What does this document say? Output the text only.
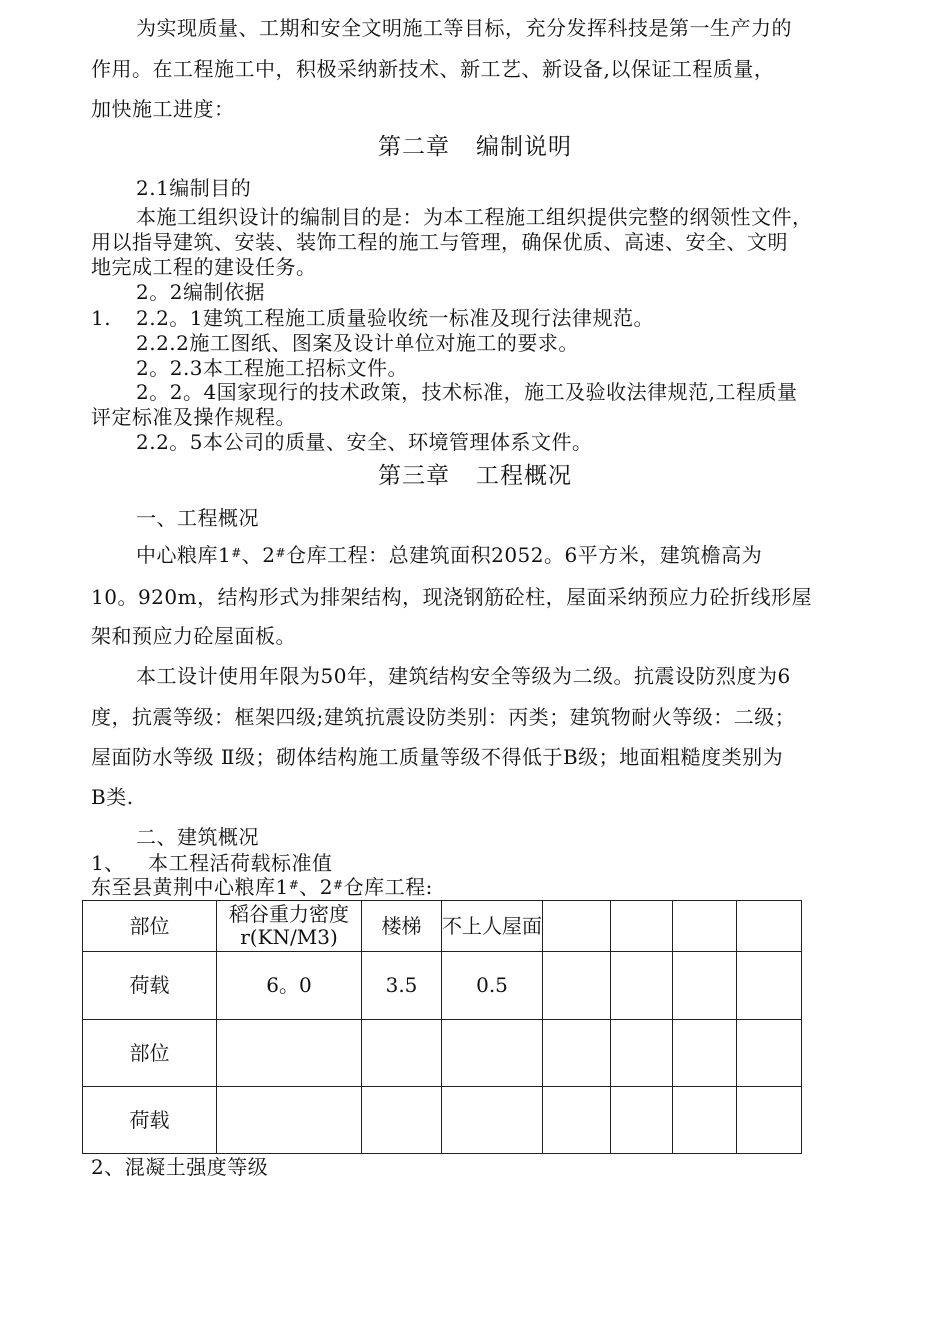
为实现质量、工期和安全文明施工等目标，充分发挥科技是第一生产力的
作用。在工程施工中，积极采纳新技术、新工艺、新设备,以保证工程质量，
加快施工进度：
第二章 编制说明
2.1编制目的
本施工组织设计的编制目的是：为本工程施工组织提供完整的纲领性文件，
用以指导建筑、安装、装饰工程的施工与管理，确保优质、高速、安全、文明
地完成工程的建设任务。
2。2编制依据
1. 2.2。1建筑工程施工质量验收统一标准及现行法律规范。
2.2.2施工图纸、图案及设计单位对施工的要求。
2。2.3本工程施工招标文件。
2。2。4国家现行的技术政策，技术标准，施工及验收法律规范,工程质量
评定标准及操作规程。
2.2。5本公司的质量、安全、环境管理体系文件。
第三章 工程概况
一、工程概况
中心粮库1#、2#仓库工程：总建筑面积2052。6平方米，建筑檐高为
10。920m，结构形式为排架结构，现浇钢筋砼柱，屋面采纳预应力砼折线形屋
架和预应力砼屋面板。
本工设计使用年限为50年，建筑结构安全等级为二级。抗震设防烈度为6
度，抗震等级：框架四级;建筑抗震设防类别：丙类；建筑物耐火等级：二级；
屋面防水等级 Ⅱ级；砌体结构施工质量等级不得低于B级；地面粗糙度类别为
B类.
二、建筑概况
1、 本工程活荷载标准值
东至县黄荆中心粮库1#、2#仓库工程:
部位	稻谷重力密度r(KN/M3)	楼梯	不上人屋面				
荷载	6。0	3.5	0.5				
部位							
荷载							
2、混凝土强度等级
